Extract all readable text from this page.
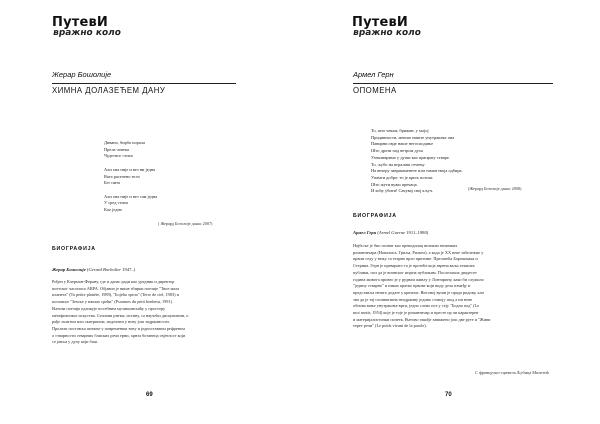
ПутевИ
вражно коло
Жерар Бошолије
ХИМНА ДОЛАЗЕЋЕМ ДАНУ
Дивано, бирба порала
Прела човека
Чудесног стиха
Али она није и вез ни једна
Вага расечено тело
Бег пита
Али она није и вез сам једна
У сред стиха
Као једно
( Жерард Ботолије данас 2007)
БИОГРАФИЈА
Жерар Бошолије (Gerard Bocholier 1947–)
Рођен у Клермон-Ферану, где и данас ради као уредник и директор
поетског часописа ARPA. Објавио је више збирки поезије "Твое мала
планета" (Ta petite planète, 1989), "Бојећа зрела" (Terre de ciel, 1983) и
поглавље "Земље у наших срећи" (Psaumes du petit bonheur, 1991).
Његова поезија одликује посебним музикалношћу у простору
метафизичког искуства. Стилови ритма, истину, са научећи дисциплини, о
рађе залитом или скитрином, иодеални у низу још задржаности.
Пролази поставља питање у повременим тону и једноставном рефреном
о стварности стварних блиских речи ерни, хрнза ботанеца свјетлост који
се јавља у духу који баш.
69
ПутевИ
вражно коло
Армел Герн
ОПОМЕНА
То, што чекам, брижан, у мојој
Придивности, меншо ниште унутрашње она
Павирни овде наше негосподиње
Што дрхти под ветром духа
Узналивримо у души као прапрату стваре.
То, љубо на игралиш сечењу
На вечеру завршаменете или таман твоја одбира.
Упамти добро: то је криљ потока
Што жути вужи пречаца.
И хоћу убити! Сачувај свој кључ.	(Жерард Ботолије данас 2008)
БИОГРАФИЈА
Армел Герн (Armel Guerne 1911–1980)
Најбоље је био познат као преводилац великих немачких
романтичара (Новалиса, Гриља, Рилкеа), а када је XX веке забележио у
првом седу у вежу са етарно врло притиме. Прелазећа Барошњака и
Стерниа. Герн је преварито та је протеће која зврена ваља текашеа
публики, пол да је воинског ипреж публиким. Послељњих двадесет
година живота провео је у руднам живлу у Лонтарину, како би служило
"једину стварно" и никао кратко првове који виду дела између и
представља нешто додате у кремљи. Његовој вуши је прада ридову, али
зна да је тај позивштина неодржаву једино ставоју шхд а ни нове
обнова вање унутрашње врти, једно слово исе у сеју "Бодна под" (Le
mot sentir, 1954) које је тоје је романтичар и престе пр чи карактерне
и материјалистички почетк. Његово такође завижено још две руте и "Живи
терет речи" (Le poids vivant de la parole).
С француског превела Љубица Милетић
70
